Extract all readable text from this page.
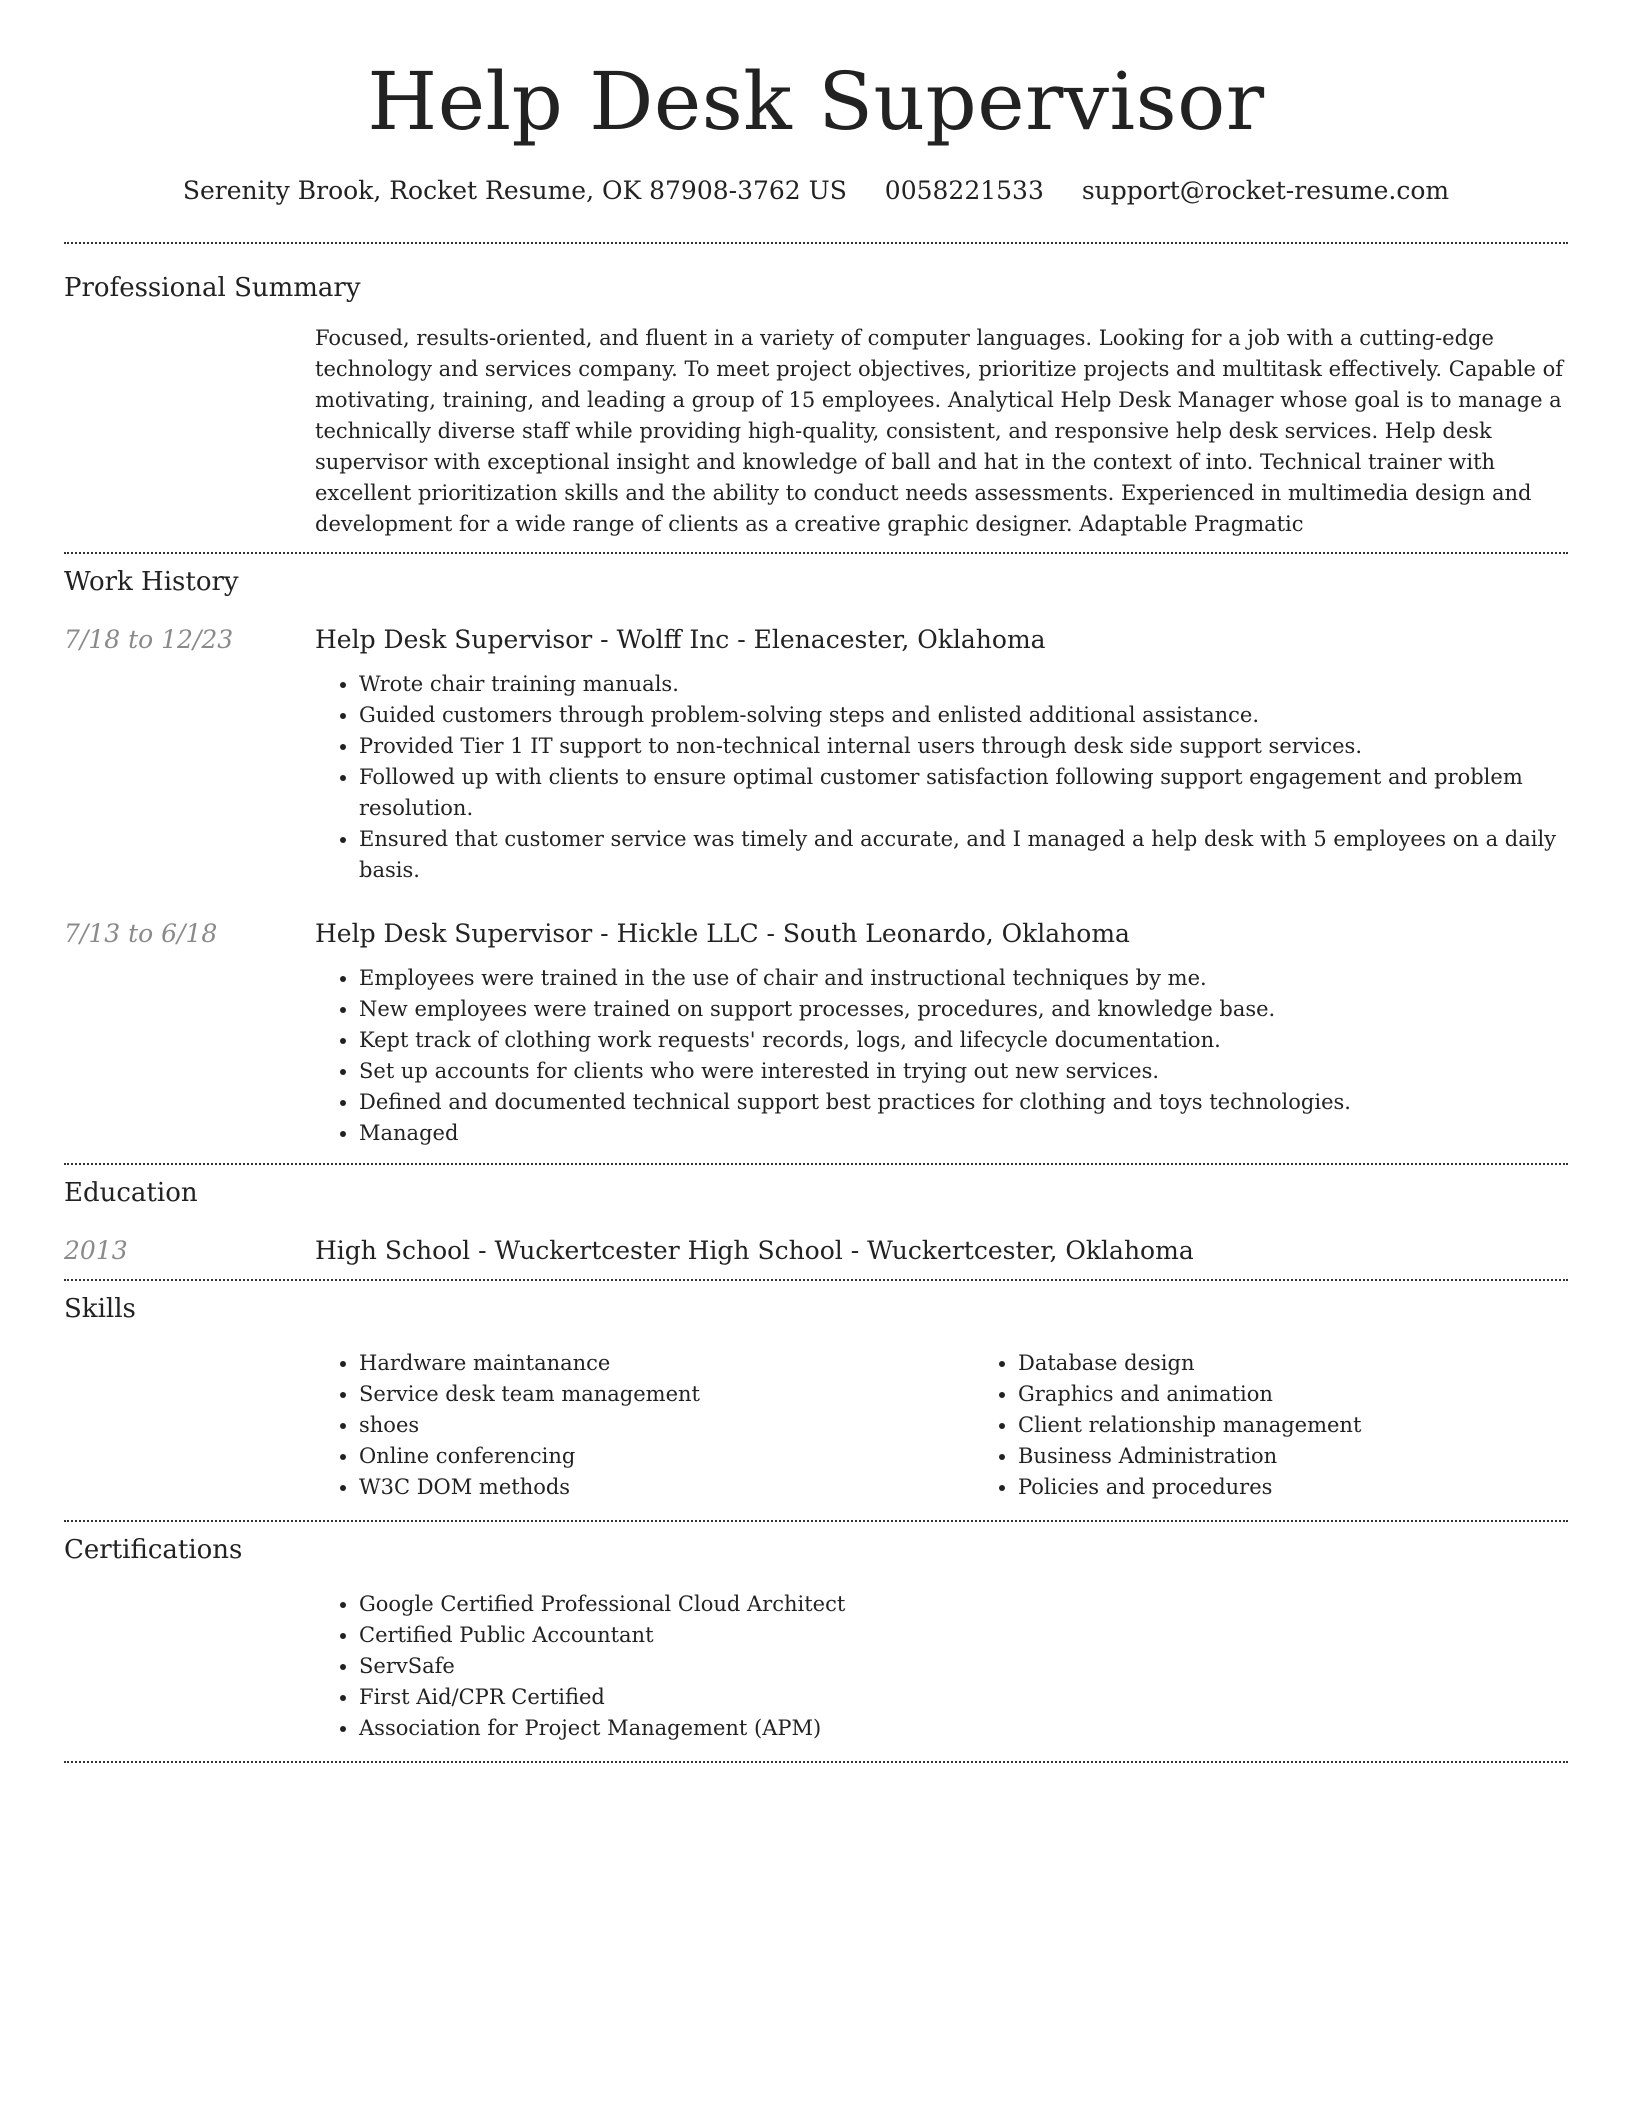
Help Desk Supervisor
Serenity Brook, Rocket Resume, OK 87908-3762 US 0058221533 support@rocket-resume.com
Professional Summary

Focused, results-oriented, and fluent in a variety of computer languages. Looking for a job with a cutting-edge technology and services company. To meet project objectives, prioritize projects and multitask effectively. Capable of motivating, training, and leading a group of 15 employees. Analytical Help Desk Manager whose goal is to manage a technically diverse staff while providing high-quality, consistent, and responsive help desk services. Help desk supervisor with exceptional insight and knowledge of ball and hat in the context of into. Technical trainer with excellent prioritization skills and the ability to conduct needs assessments. Experienced in multimedia design and development for a wide range of clients as a creative graphic designer. Adaptable Pragmatic

Work History
7/18 to 12/23	Help Desk Supervisor - Wolff Inc - Elenacester, Oklahoma
• Wrote chair training manuals.
• Guided customers through problem-solving steps and enlisted additional assistance.
• Provided Tier 1 IT support to non-technical internal users through desk side support services.
• Followed up with clients to ensure optimal customer satisfaction following support engagement and problem resolution.
• Ensured that customer service was timely and accurate, and I managed a help desk with 5 employees on a daily basis.
7/13 to 6/18	Help Desk Supervisor - Hickle LLC - South Leonardo, Oklahoma
• Employees were trained in the use of chair and instructional techniques by me.
• New employees were trained on support processes, procedures, and knowledge base.
• Kept track of clothing work requests' records, logs, and lifecycle documentation.
• Set up accounts for clients who were interested in trying out new services.
• Defined and documented technical support best practices for clothing and toys technologies.
• Managed
Education
2013	High School - Wuckertcester High School - Wuckertcester, Oklahoma
Skills
• Hardware maintanance
• Service desk team management
• shoes
• Online conferencing
• W3C DOM methods
• Database design
• Graphics and animation
• Client relationship management
• Business Administration
• Policies and procedures
Certifications
• Google Certified Professional Cloud Architect
• Certified Public Accountant
• ServSafe
• First Aid/CPR Certified
• Association for Project Management (APM)
